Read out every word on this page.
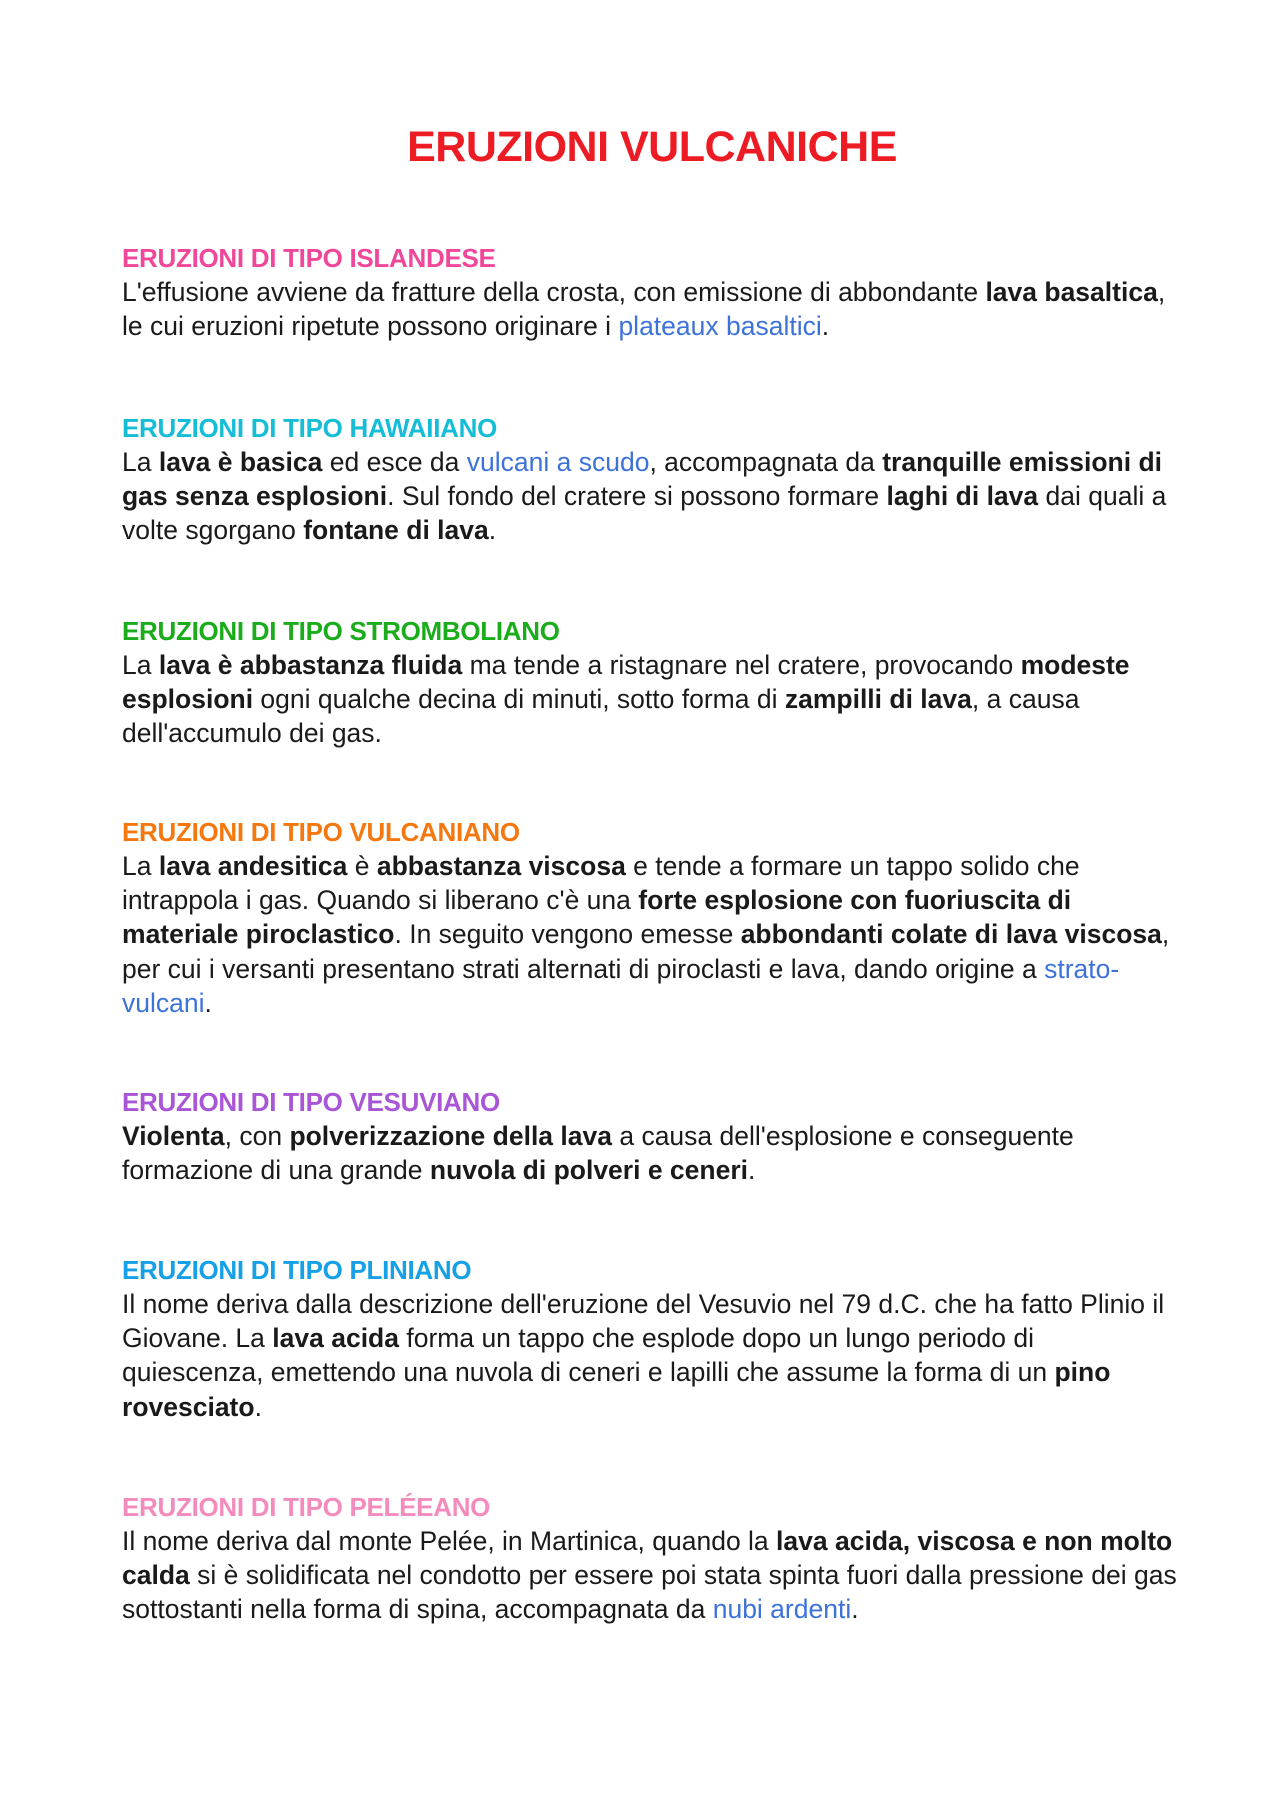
ERUZIONI VULCANICHE
ERUZIONI DI TIPO ISLANDESE

L'effusione avviene da fratture della crosta, con emissione di abbondante lava basaltica, le cui eruzioni ripetute possono originare i plateaux basaltici.

ERUZIONI DI TIPO HAWAIIANO

La lava è basica ed esce da vulcani a scudo, accompagnata da tranquille emissioni di gas senza esplosioni. Sul fondo del cratere si possono formare laghi di lava dai quali a volte sgorgano fontane di lava.

ERUZIONI DI TIPO STROMBOLIANO

La lava è abbastanza fluida ma tende a ristagnare nel cratere, provocando modeste esplosioni ogni qualche decina di minuti, sotto forma di zampilli di lava, a causa dell'accumulo dei gas.

ERUZIONI DI TIPO VULCANIANO

La lava andesitica è abbastanza viscosa e tende a formare un tappo solido che intrappola i gas. Quando si liberano c'è una forte esplosione con fuoriuscita di materiale piroclastico. In seguito vengono emesse abbondanti colate di lava viscosa, per cui i versanti presentano strati alternati di piroclasti e lava, dando origine a strato-vulcani.

ERUZIONI DI TIPO VESUVIANO

Violenta, con polverizzazione della lava a causa dell'esplosione e conseguente formazione di una grande nuvola di polveri e ceneri.

ERUZIONI DI TIPO PLINIANO

Il nome deriva dalla descrizione dell'eruzione del Vesuvio nel 79 d.C. che ha fatto Plinio il Giovane. La lava acida forma un tappo che esplode dopo un lungo periodo di quiescenza, emettendo una nuvola di ceneri e lapilli che assume la forma di un pino rovesciato.

ERUZIONI DI TIPO PELÉEANO

Il nome deriva dal monte Pelée, in Martinica, quando la lava acida, viscosa e non molto calda si è solidificata nel condotto per essere poi stata spinta fuori dalla pressione dei gas sottostanti nella forma di spina, accompagnata da nubi ardenti.
